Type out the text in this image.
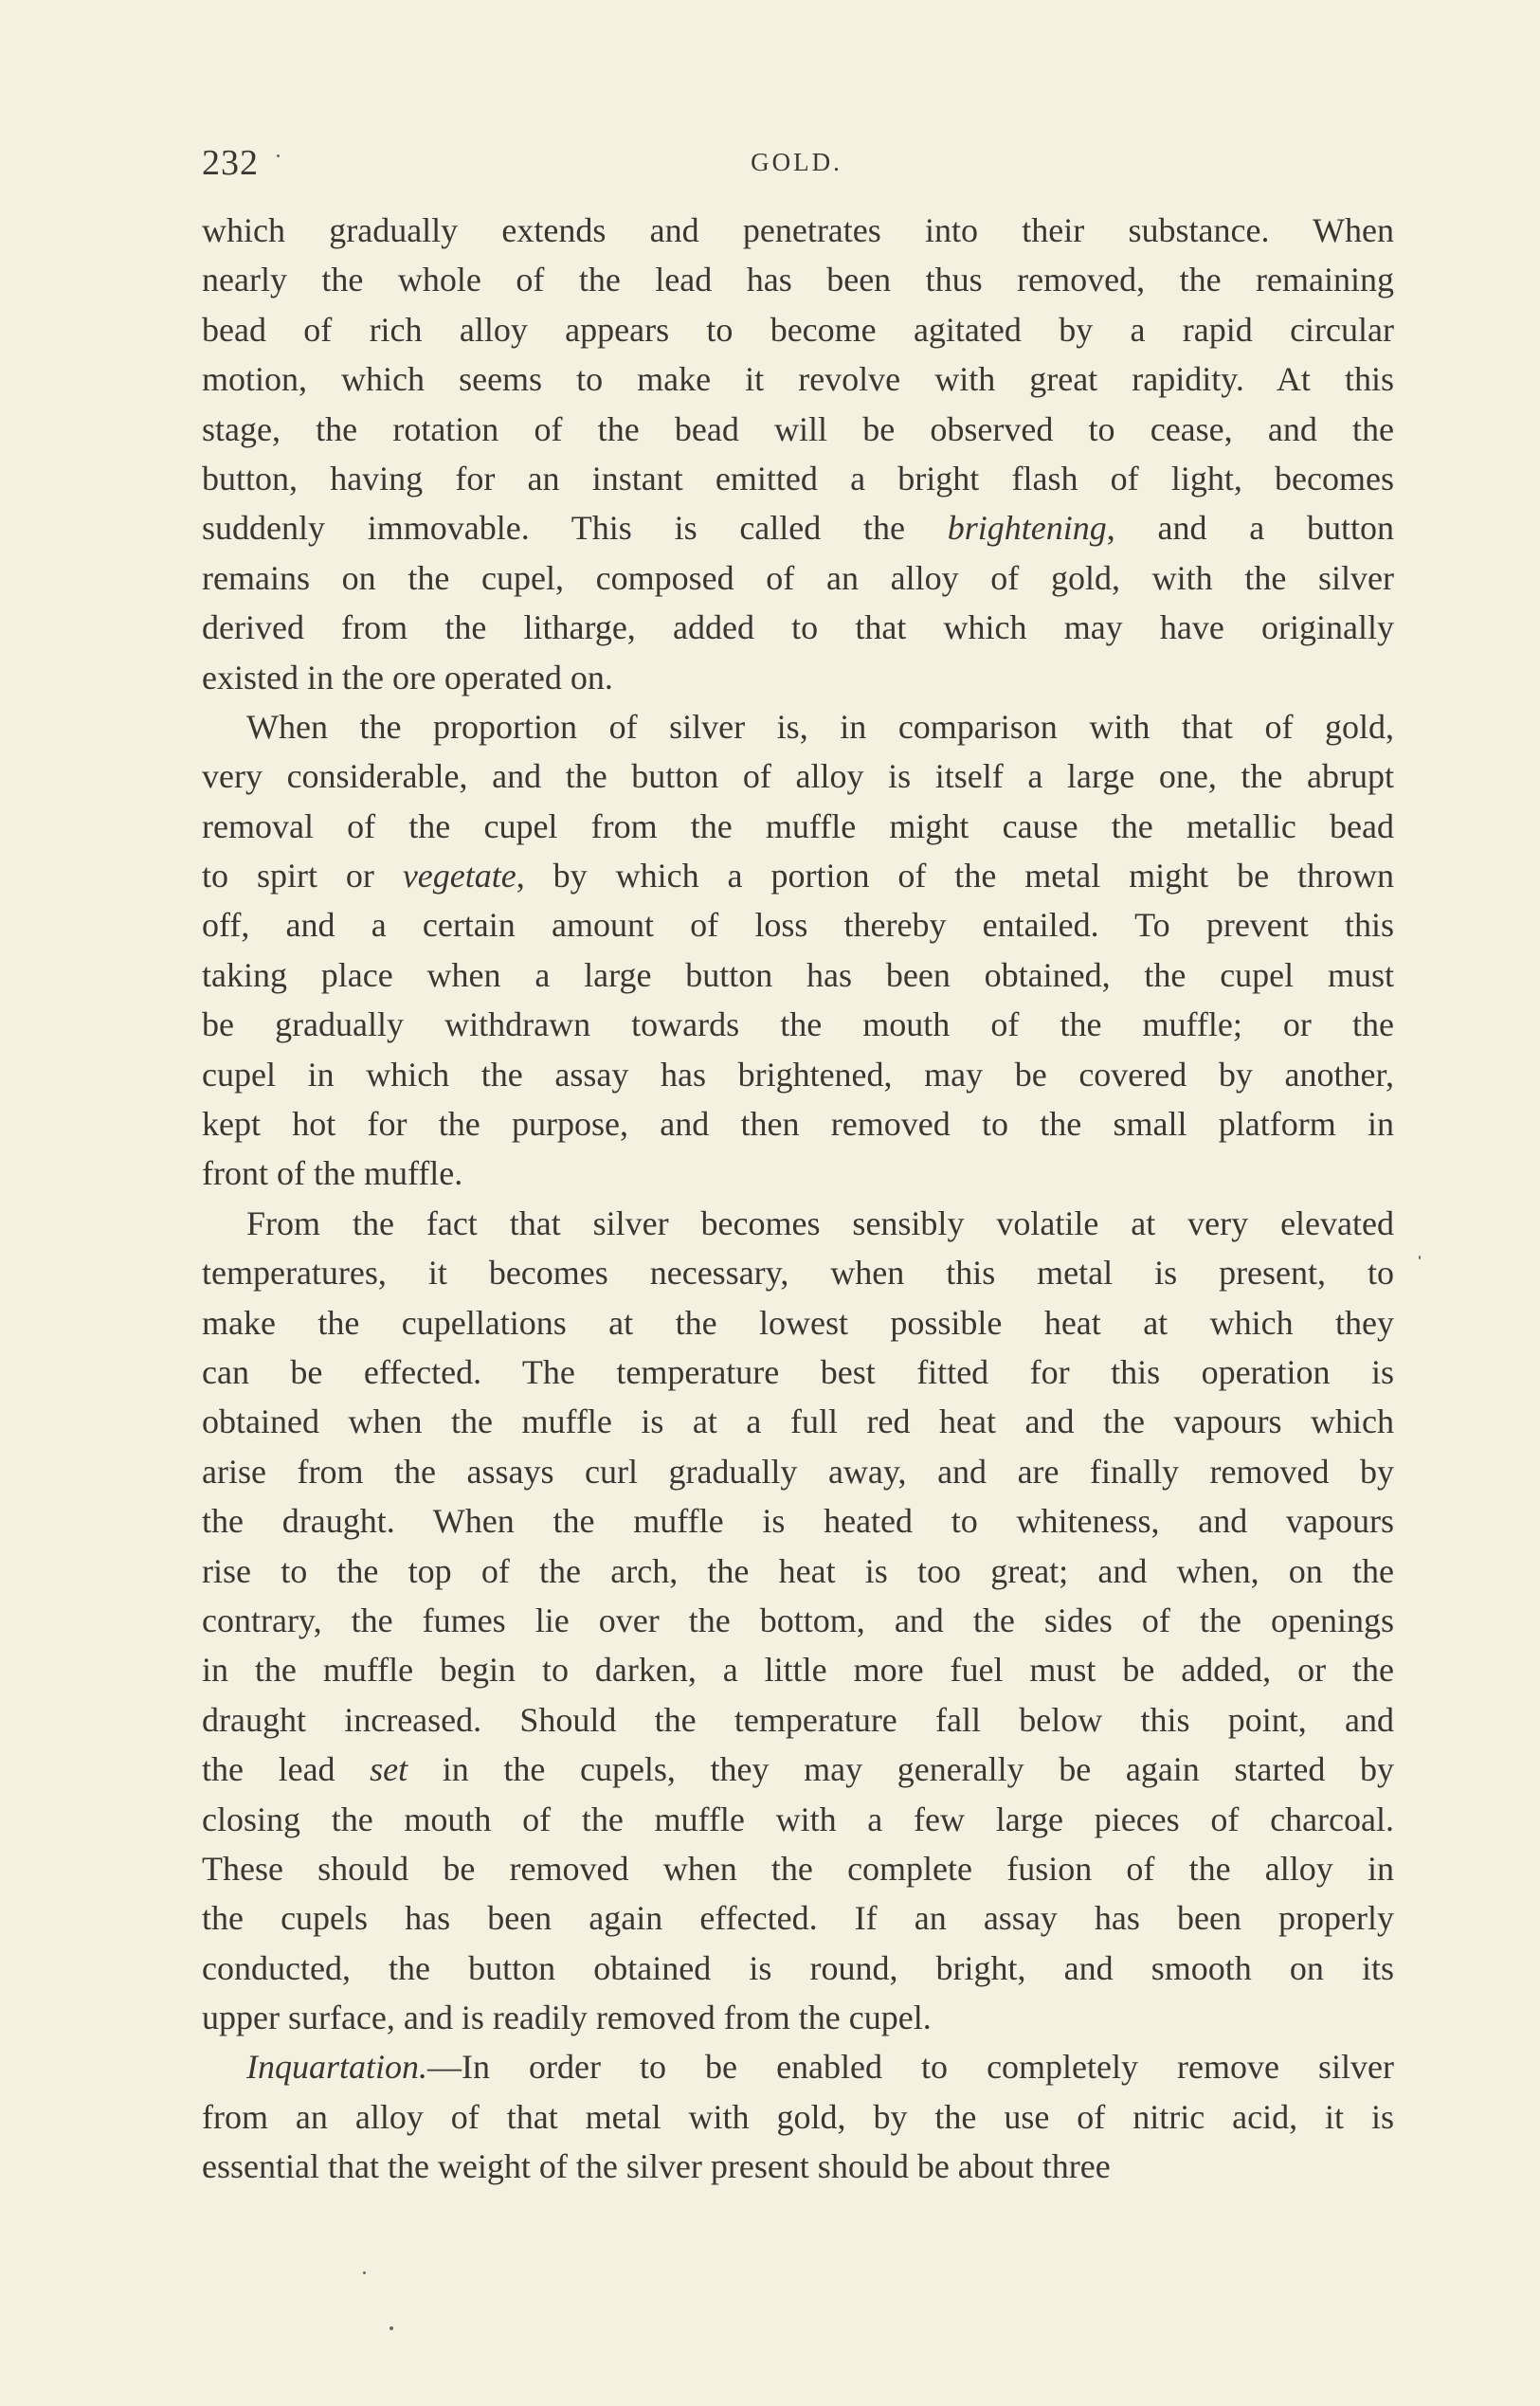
232	GOLD.
which gradually extends and penetrates into their substance. When
nearly the whole of the lead has been thus removed, the remaining
bead of rich alloy appears to become agitated by a rapid circular
motion, which seems to make it revolve with great rapidity. At this
stage, the rotation of the bead will be observed to cease, and the
button, having for an instant emitted a bright flash of light, becomes
suddenly immovable. This is called the brightening, and a button
remains on the cupel, composed of an alloy of gold, with the silver
derived from the litharge, added to that which may have originally
existed in the ore operated on.
When the proportion of silver is, in comparison with that of gold,
very considerable, and the button of alloy is itself a large one, the abrupt
removal of the cupel from the muffle might cause the metallic bead
to spirt or vegetate, by which a portion of the metal might be thrown
off, and a certain amount of loss thereby entailed. To prevent this
taking place when a large button has been obtained, the cupel must
be gradually withdrawn towards the mouth of the muffle; or the
cupel in which the assay has brightened, may be covered by another,
kept hot for the purpose, and then removed to the small platform in
front of the muffle.
From the fact that silver becomes sensibly volatile at very elevated
temperatures, it becomes necessary, when this metal is present, to
make the cupellations at the lowest possible heat at which they
can be effected. The temperature best fitted for this operation is
obtained when the muffle is at a full red heat and the vapours which
arise from the assays curl gradually away, and are finally removed by
the draught. When the muffle is heated to whiteness, and vapours
rise to the top of the arch, the heat is too great; and when, on the
contrary, the fumes lie over the bottom, and the sides of the openings
in the muffle begin to darken, a little more fuel must be added, or the
draught increased. Should the temperature fall below this point, and
the lead set in the cupels, they may generally be again started by
closing the mouth of the muffle with a few large pieces of charcoal.
These should be removed when the complete fusion of the alloy in
the cupels has been again effected. If an assay has been properly
conducted, the button obtained is round, bright, and smooth on its
upper surface, and is readily removed from the cupel.
Inquartation.—In order to be enabled to completely remove silver
from an alloy of that metal with gold, by the use of nitric acid, it is
essential that the weight of the silver present should be about three
